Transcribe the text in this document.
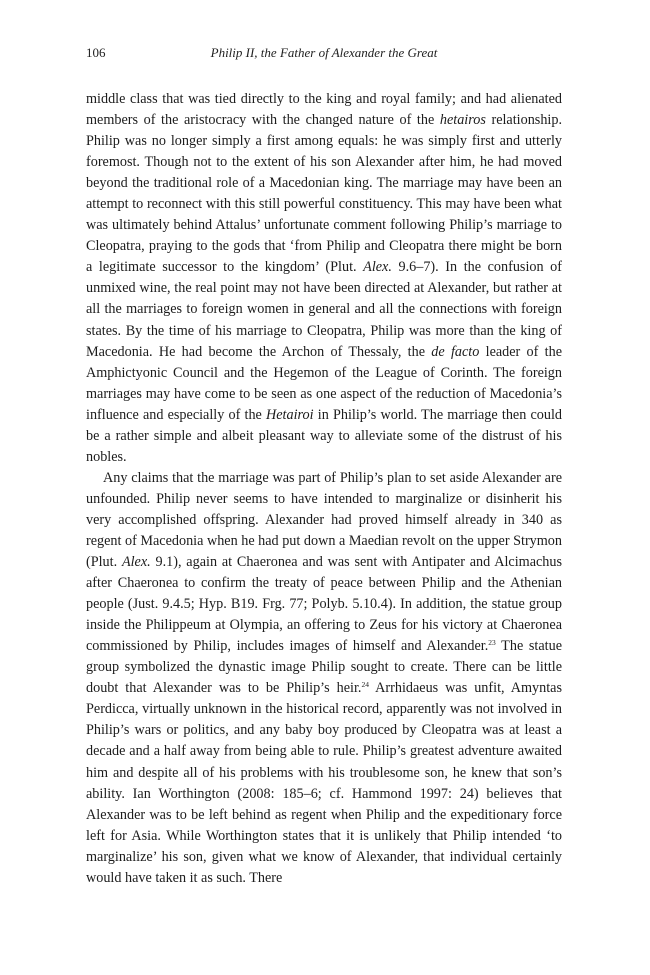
106	Philip II, the Father of Alexander the Great

middle class that was tied directly to the king and royal family; and had alienated members of the aristocracy with the changed nature of the hetairos relationship. Philip was no longer simply a first among equals: he was simply first and utterly foremost. Though not to the extent of his son Alexander after him, he had moved beyond the traditional role of a Macedonian king. The marriage may have been an attempt to reconnect with this still powerful constituency. This may have been what was ultimately behind Attalus’ unfortunate comment following Philip’s marriage to Cleopatra, praying to the gods that ‘from Philip and Cleopatra there might be born a legitimate successor to the kingdom’ (Plut. Alex. 9.6–7). In the confusion of unmixed wine, the real point may not have been directed at Alexander, but rather at all the marriages to foreign women in general and all the connections with foreign states. By the time of his marriage to Cleopatra, Philip was more than the king of Macedonia. He had become the Archon of Thessaly, the de facto leader of the Amphictyonic Council and the Hegemon of the League of Corinth. The foreign marriages may have come to be seen as one aspect of the reduction of Macedonia’s influence and especially of the Hetairoi in Philip’s world. The marriage then could be a rather simple and albeit pleasant way to alleviate some of the distrust of his nobles.

Any claims that the marriage was part of Philip’s plan to set aside Alexander are unfounded. Philip never seems to have intended to marginalize or disinherit his very accomplished offspring. Alexander had proved himself already in 340 as regent of Macedonia when he had put down a Maedian revolt on the upper Strymon (Plut. Alex. 9.1), again at Chaeronea and was sent with Antipater and Alcimachus after Chaeronea to confirm the treaty of peace between Philip and the Athenian people (Just. 9.4.5; Hyp. B19. Frg. 77; Polyb. 5.10.4). In addition, the statue group inside the Philippeum at Olympia, an offering to Zeus for his victory at Chaeronea commissioned by Philip, includes images of himself and Alexander.$^{23}$ The statue group symbolized the dynastic image Philip sought to create. There can be little doubt that Alexander was to be Philip’s heir.$^{24}$ Arrhidaeus was unfit, Amyntas Perdicca, virtually unknown in the historical record, apparently was not involved in Philip’s wars or politics, and any baby boy produced by Cleopatra was at least a decade and a half away from being able to rule. Philip’s greatest adventure awaited him and despite all of his problems with his troublesome son, he knew that son’s ability. Ian Worthington (2008: 185–6; cf. Hammond 1997: 24) believes that Alexander was to be left behind as regent when Philip and the expeditionary force left for Asia. While Worthington states that it is unlikely that Philip intended ‘to marginalize’ his son, given what we know of Alexander, that individual certainly would have taken it as such. There
